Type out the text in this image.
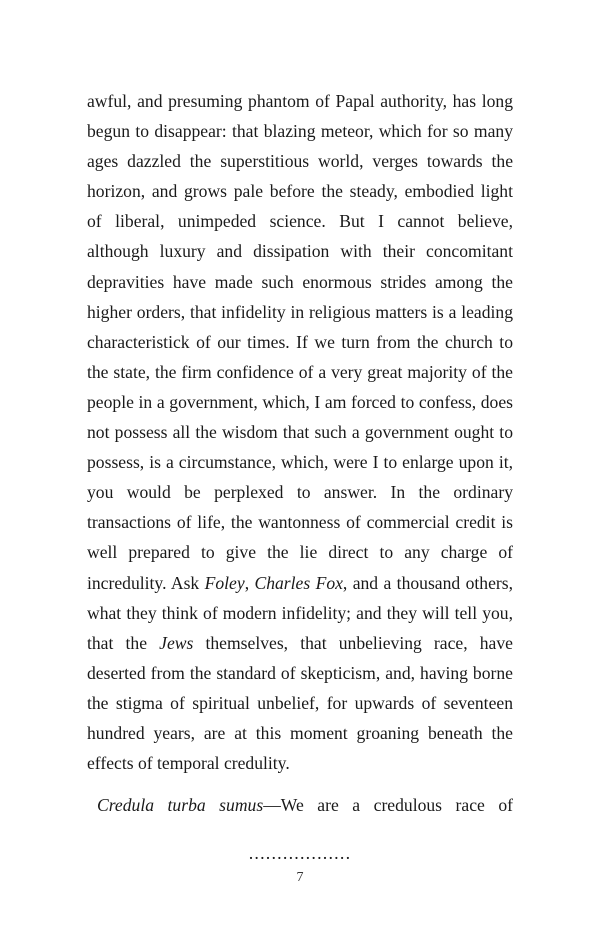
awful, and presuming phantom of Papal authority, has long begun to disappear: that blazing meteor, which for so many ages dazzled the superstitious world, verges towards the horizon, and grows pale before the steady, embodied light of liberal, unimpeded science. But I cannot believe, although luxury and dissipation with their concomitant depravities have made such enormous strides among the higher orders, that infidelity in religious matters is a leading characteristick of our times. If we turn from the church to the state, the firm confidence of a very great majority of the people in a government, which, I am forced to confess, does not possess all the wisdom that such a government ought to possess, is a circumstance, which, were I to enlarge upon it, you would be perplexed to answer. In the ordinary transactions of life, the wantonness of commercial credit is well prepared to give the lie direct to any charge of incredulity. Ask Foley, Charles Fox, and a thousand others, what they think of modern infidelity; and they will tell you, that the Jews themselves, that unbelieving race, have deserted from the standard of skepticism, and, having borne the stigma of spiritual unbelief, for upwards of seventeen hundred years, are at this moment groaning beneath the effects of temporal credulity.

Credula turba sumus—We are a credulous race of

..................
7
